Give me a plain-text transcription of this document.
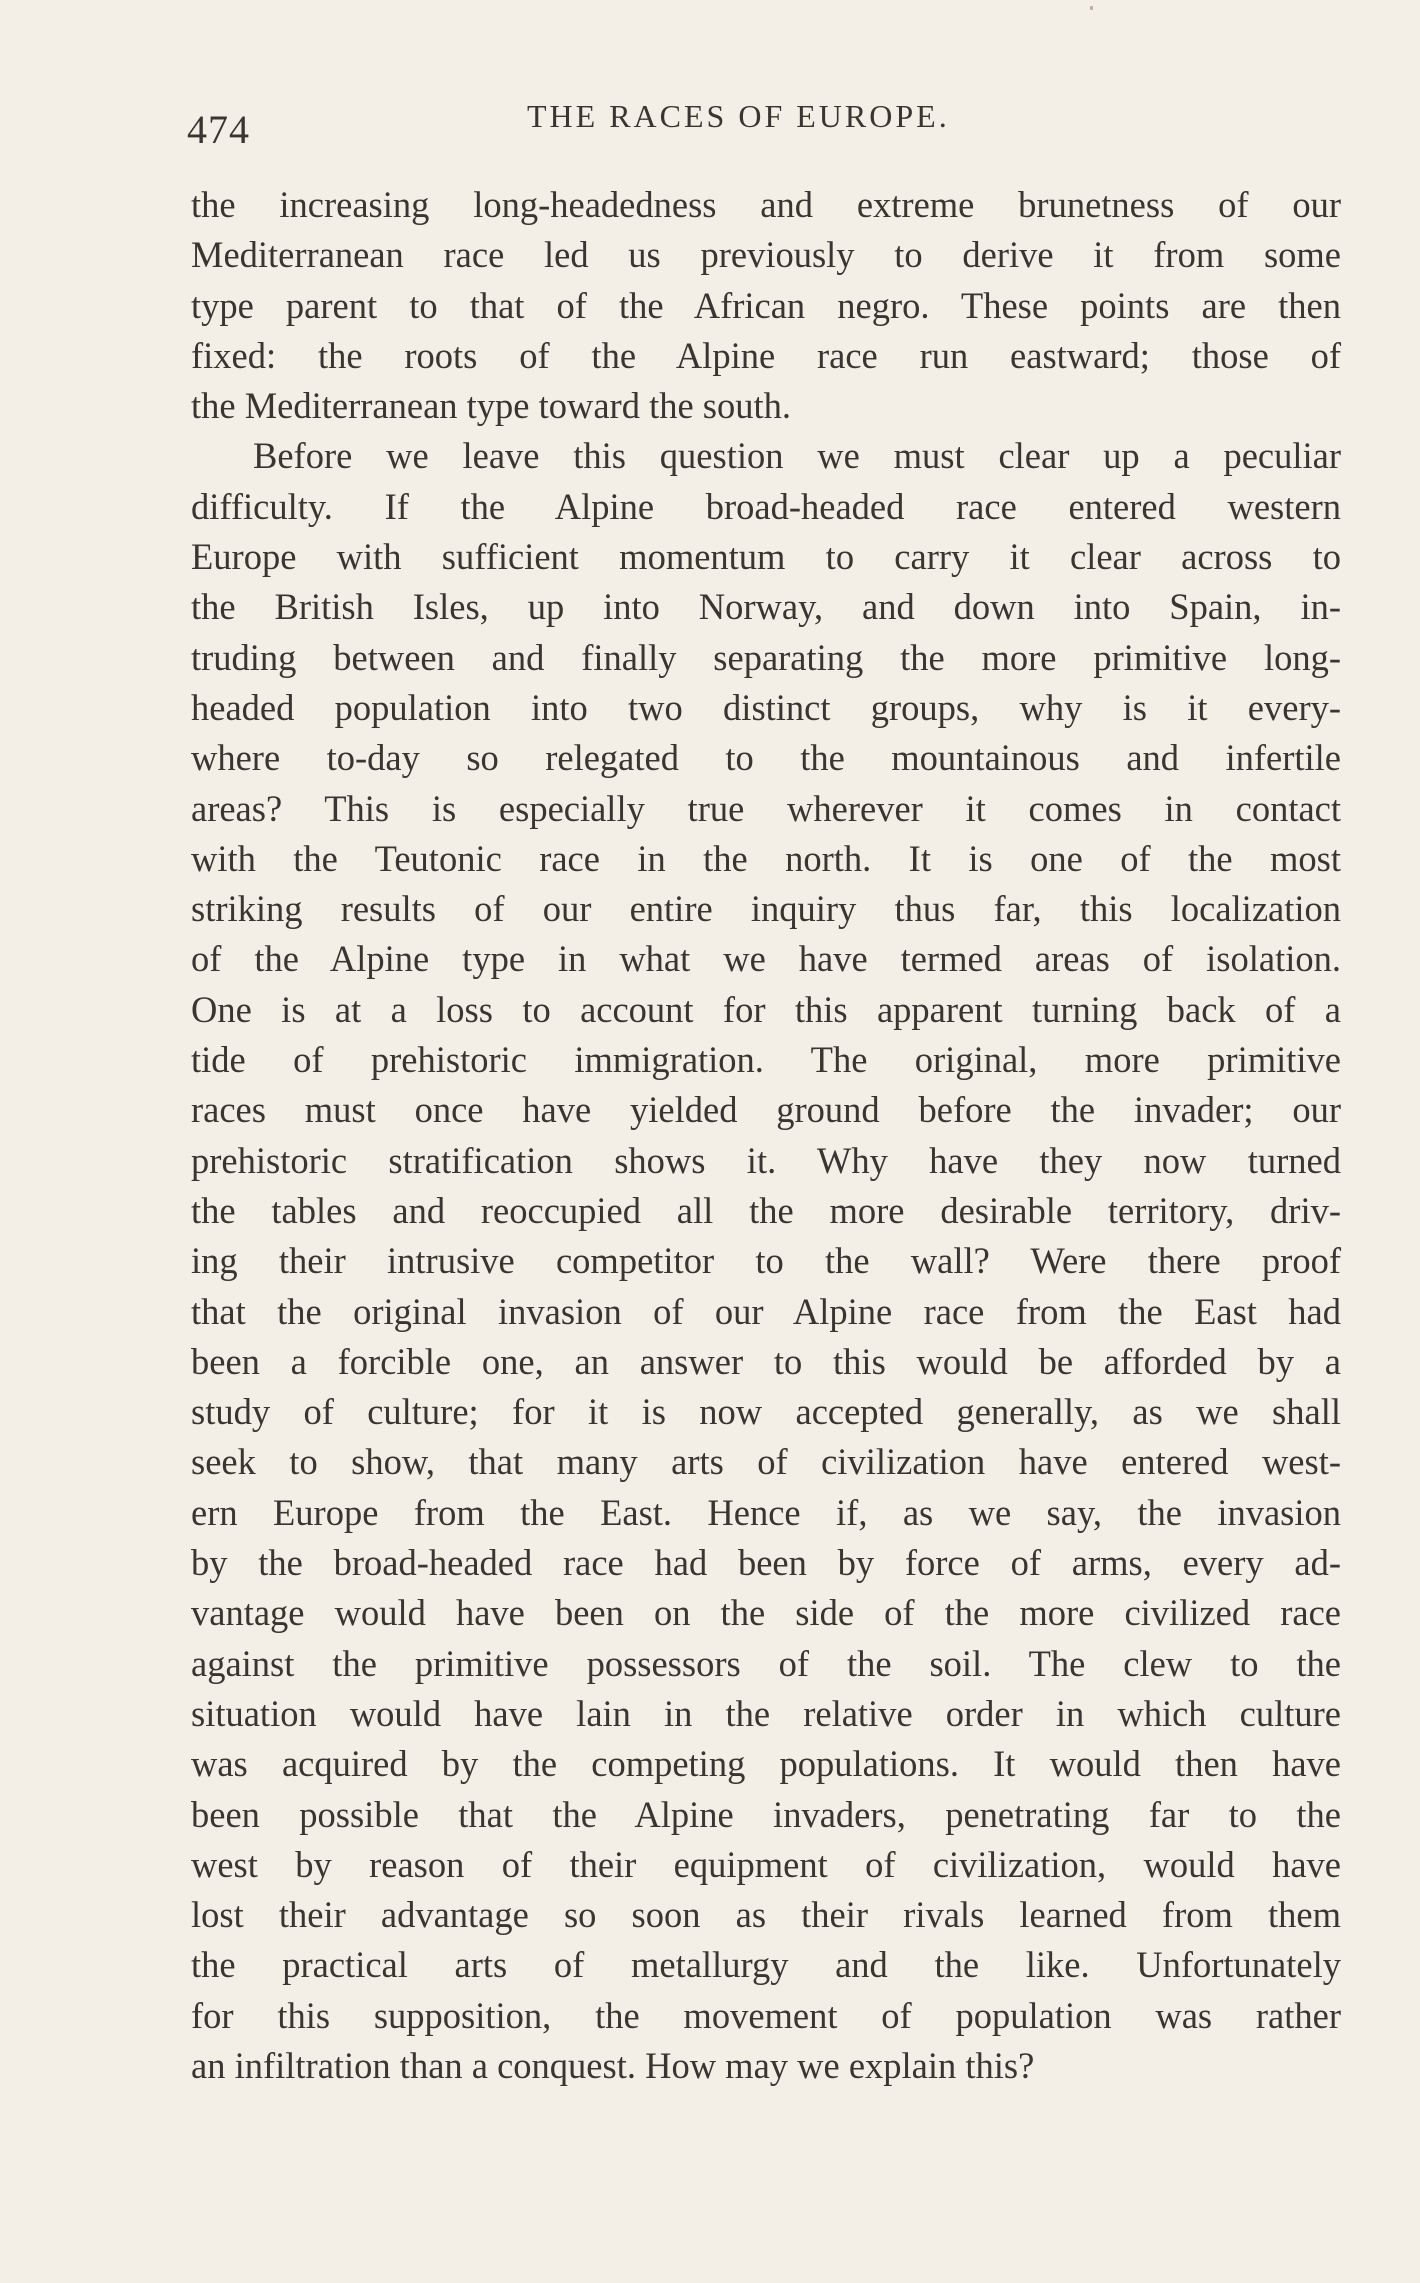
474	THE RACES OF EUROPE.
the increasing long-headedness and extreme brunetness of our
Mediterranean race led us previously to derive it from some
type parent to that of the African negro. These points are then
fixed: the roots of the Alpine race run eastward; those of
the Mediterranean type toward the south.
Before we leave this question we must clear up a peculiar
difficulty. If the Alpine broad-headed race entered western
Europe with sufficient momentum to carry it clear across to
the British Isles, up into Norway, and down into Spain, in-
truding between and finally separating the more primitive long-
headed population into two distinct groups, why is it every-
where to-day so relegated to the mountainous and infertile
areas? This is especially true wherever it comes in contact
with the Teutonic race in the north. It is one of the most
striking results of our entire inquiry thus far, this localization
of the Alpine type in what we have termed areas of isolation.
One is at a loss to account for this apparent turning back of a
tide of prehistoric immigration. The original, more primitive
races must once have yielded ground before the invader; our
prehistoric stratification shows it. Why have they now turned
the tables and reoccupied all the more desirable territory, driv-
ing their intrusive competitor to the wall? Were there proof
that the original invasion of our Alpine race from the East had
been a forcible one, an answer to this would be afforded by a
study of culture; for it is now accepted generally, as we shall
seek to show, that many arts of civilization have entered west-
ern Europe from the East. Hence if, as we say, the invasion
by the broad-headed race had been by force of arms, every ad-
vantage would have been on the side of the more civilized race
against the primitive possessors of the soil. The clew to the
situation would have lain in the relative order in which culture
was acquired by the competing populations. It would then have
been possible that the Alpine invaders, penetrating far to the
west by reason of their equipment of civilization, would have
lost their advantage so soon as their rivals learned from them
the practical arts of metallurgy and the like. Unfortunately
for this supposition, the movement of population was rather
an infiltration than a conquest. How may we explain this?
